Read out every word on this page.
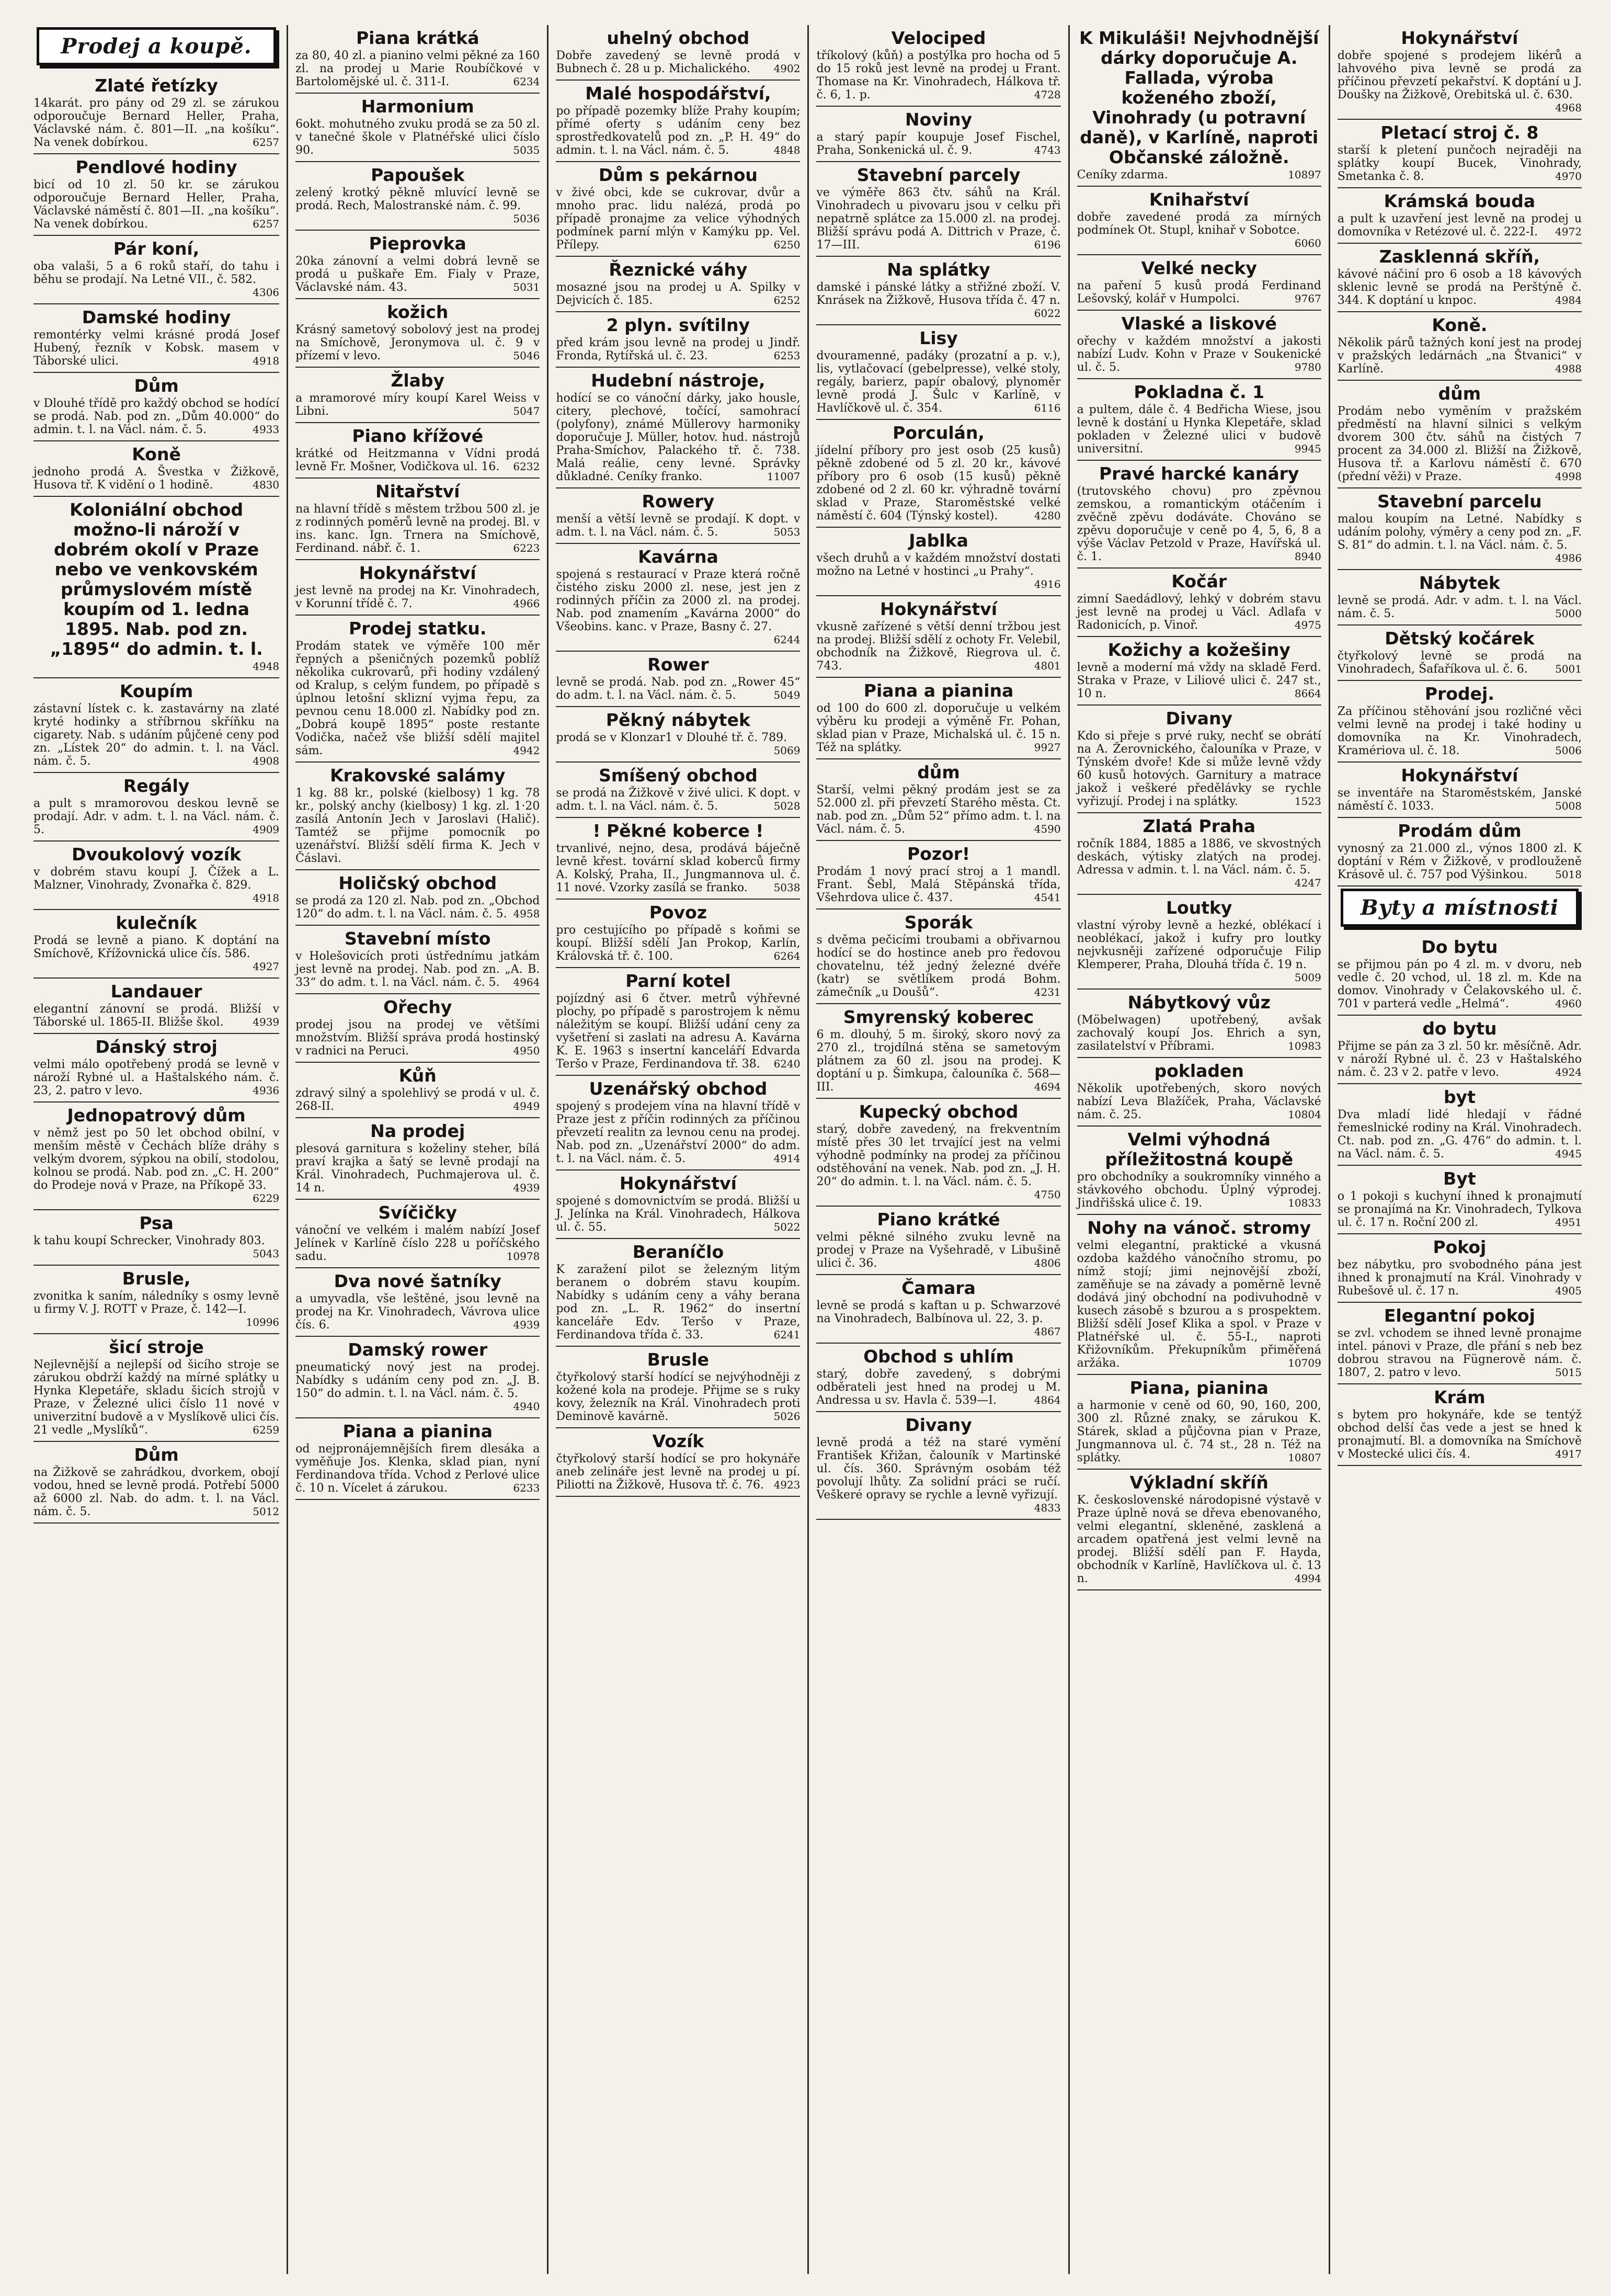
Prodej a koupě.
Zlaté řetízky
14karát. pro pány od 29 zl. se zárukou odporoučuje Bernard Heller, Praha, Václavské nám. č. 801—II. „na košíku“. Na venek dobírkou.	6257
Pendlové hodiny
bicí od 10 zl. 50 kr. se zárukou odporoučuje Bernard Heller, Praha, Václavské náměstí č. 801—II. „na košíku“. Na venek dobírkou.	6257
Pár koní,
oba valaši, 5 a 6 roků staří, do tahu i běhu se prodají. Na Letné VII., č. 582.
4306
Damské hodiny
remontérky velmi krásné prodá Josef Hubený, řezník v Kobsk. masem v Táborské ulici.	4918
Dům
v Dlouhé třídě pro každý obchod se hodící se prodá. Nab. pod zn. „Dům 40.000“ do admin. t. l. na Václ. nám. č. 5.	4933
Koně
jednoho prodá A. Švestka v Žižkově, Husova tř. K vidění o 1 hodině.	4830
Koloniální obchod možno-li nároží v dobrém okolí v Praze nebo ve venkovském průmyslovém místě koupím od 1. ledna 1895. Nab. pod zn. „1895“ do admin. t. l.
4948
Koupím
zástavní lístek c. k. zastavárny na zlaté kryté hodinky a stříbrnou skříňku na cigarety. Nab. s udáním půjčené ceny pod zn. „Lístek 20“ do admin. t. l. na Václ. nám. č. 5.	4908
Regály
a pult s mramorovou deskou levně se prodají. Adr. v adm. t. l. na Václ. nám. č. 5.	4909
Dvoukolový vozík
v dobrém stavu koupí J. Čížek a L. Malzner, Vinohrady, Zvonařka č. 829.
4918
kulečník
Prodá se levně a piano. K doptání na Smíchově, Křížovnická ulice čís. 586.
4927
Landauer
elegantní zánovní se prodá. Bližší v Táborské ul. 1865-II. Bližše škol.	4939
Dánský stroj
velmi málo opotřebený prodá se levně v nároží Rybné ul. a Haštalského nám. č. 23, 2. patro v levo.	4936
Jednopatrový dům
v němž jest po 50 let obchod obilní, v menším městě v Čechách blíže dráhy s velkým dvorem, sýpkou na obilí, stodolou, kolnou se prodá. Nab. pod zn. „C. H. 200“ do Prodeje nová v Praze, na Příkopě 33.
6229
Psa
k tahu koupí Schrecker, Vinohrady 803.
5043
Brusle,
zvonitka k saním, náledníky s osmy levně u firmy V. J. ROTT v Praze, č. 142—I.
10996
šicí stroje
Nejlevnější a nejlepší od šicího stroje se zárukou obdrží každý na mírné splátky u Hynka Klepetáře, skladu šicích strojů v Praze, v Železné ulici číslo 11 nové v univerzitní budově a v Myslíkově ulici čís. 21 vedle „Myslíků“.	6259
Dům
na Žižkově se zahrádkou, dvorkem, obojí vodou, hned se levně prodá. Potřebí 5000 až 6000 zl. Nab. do adm. t. l. na Václ. nám. č. 5.	5012
Piana krátká
za 80, 40 zl. a pianino velmi pěkné za 160 zl. na prodej u Marie Roubíčkové v Bartolomějské ul. č. 311-I.	6234
Harmonium
6okt. mohutného zvuku prodá se za 50 zl. v tanečné škole v Platnéřské ulici číslo 90.	5035
Papoušek
zelený krotký pěkně mluvící levně se prodá. Rech, Malostranské nám. č. 99.
5036
Pieprovka
20ka zánovní a velmi dobrá levně se prodá u puškaře Em. Fialy v Praze, Václavské nám. 43.	5031
kožich
Krásný sametový sobolový jest na prodej na Smíchově, Jeronymova ul. č. 9 v přízemí v levo.	5046
Žlaby
a mramorové míry koupí Karel Weiss v Libni.	5047
Piano křížové
krátké od Heitzmanna v Vídni prodá levně Fr. Mošner, Vodičkova ul. 16.	6232
Nitařství
na hlavní třídě s městem tržbou 500 zl. je z rodinných poměrů levně na prodej. Bl. v ins. kanc. Ign. Trnera na Smíchově, Ferdinand. nábř. č. 1.	6223
Hokynářství
jest levně na prodej na Kr. Vinohradech, v Korunní třídě č. 7.	4966
Prodej statku.
Prodám statek ve výměře 100 měr řepných a pšeničných pozemků poblíž několika cukrovarů, při hodiny vzdálený od Kralup, s celým fundem, po případě s úplnou letošní sklizní vyjma řepu, za pevnou cenu 18.000 zl. Nabídky pod zn. „Dobrá koupě 1895“ poste restante Vodička, načež vše bližší sdělí majitel sám.	4942
Krakovské salámy
1 kg. 88 kr., polské (kielbosy) 1 kg. 78 kr., polský anchy (kielbosy) 1 kg. zl. 1·20 zasílá Antonín Jech v Jaroslavi (Halič). Tamtéž se přijme pomocník po uzenářství. Bližší sdělí firma K. Jech v Čáslavi.
Holičský obchod
se prodá za 120 zl. Nab. pod zn. „Obchod 120“ do adm. t. l. na Václ. nám. č. 5. 4958
Stavební místo
v Holešovicích proti ústřednímu jatkám jest levně na prodej. Nab. pod zn. „A. B. 33“ do adm. t. l. na Václ. nám. č. 5.	4964
Ořechy
prodej jsou na prodej ve většími množstvím. Bližší správa prodá hostinský v radnici na Peruci.	4950
Kůň
zdravý silný a spolehlivý se prodá v ul. č. 268-II.	4949
Na prodej
plesová garnitura s koželiny steher, bílá praví krajka a šatý se levně prodají na Král. Vinohradech, Puchmajerova ul. č. 14 n.	4939
Svíčičky
vánoční ve velkém i malém nabízí Josef Jelínek v Karlíně číslo 228 u poříčského sadu.	10978
Dva nové šatníky
a umyvadla, vše leštěné, jsou levně na prodej na Kr. Vinohradech, Vávrova ulice čís. 6.	4939
Damský rower
pneumatický nový jest na prodej. Nabídky s udáním ceny pod zn. „J. B. 150“ do admin. t. l. na Václ. nám. č. 5.
4940
Piana a pianina
od nejpronájemnějších firem dlesáka a vyměňuje Jos. Klenka, sklad pian, nyní Ferdinandova třída. Vchod z Perlové ulice č. 10 n. Vícelet á zárukou.	6233
uhelný obchod
Dobře zavedený se levně prodá v Bubnech č. 28 u p. Michalického.	4902
Malé hospodářství,
po případě pozemky blíže Prahy koupím; přímé oferty s udáním ceny bez sprostředkovatelů pod zn. „P. H. 49“ do admin. t. l. na Václ. nám. č. 5.	4848
Dům s pekárnou
v živé obci, kde se cukrovar, dvůr a mnoho prac. lidu nalézá, prodá po případě pronajme za velice výhodných podmínek parní mlýn v Kamýku pp. Vel. Přílepy.	6250
Řeznické váhy
mosazné jsou na prodej u A. Spilky v Dejvicích č. 185.	6252
2 plyn. svítilny
před krám jsou levně na prodej u Jindř. Fronda, Rytířská ul. č. 23.	6253
Hudební nástroje,
hodící se co vánoční dárky, jako housle, citery, plechové, točící, samohrací (polyfony), známé Müllerovy harmoniky doporučuje J. Müller, hotov. hud. nástrojů Praha-Smíchov, Palackého tř. č. 738. Malá reálie, ceny levné. Správky důkladné. Ceníky franko.	11007
Rowery
menší a větší levně se prodají. K dopt. v adm. t. l. na Václ. nám. č. 5.	5053
Kavárna
spojená s restaurací v Praze která ročně čistého zisku 2000 zl. nese, jest jen z rodinných příčin za 2000 zl. na prodej. Nab. pod znamením „Kavárna 2000“ do Všeobins. kanc. v Praze, Basny č. 27.
6244
Rower
levně se prodá. Nab. pod zn. „Rower 45“ do adm. t. l. na Václ. nám. č. 5.	5049
Pěkný nábytek
prodá se v Klonzar1 v Dlouhé tř. č. 789.
5069
Smíšený obchod
se prodá na Žižkově v živé ulici. K dopt. v adm. t. l. na Václ. nám. č. 5.	5028
! Pěkné koberce !
trvanlivé, nejno, desa, prodává báječně levně křest. tovární sklad koberců firmy A. Kolský, Praha, II., Jungmannova ul. č. 11 nové. Vzorky zasílá se franko.	5038
Povoz
pro cestujícího po případě s koňmi se koupí. Bližší sdělí Jan Prokop, Karlín, Královská tř. č. 100.	6264
Parní kotel
pojízdný asi 6 čtver. metrů výhřevné plochy, po případě s parostrojem k němu náležitým se koupí. Bližší udání ceny za vyšetření si zaslati na adresu A. Kavárna K. E. 1963 s insertní kanceláří Edvarda Teršo v Praze, Ferdinandova tř. 38.	6240
Uzenářský obchod
spojený s prodejem vína na hlavní třídě v Praze jest z příčin rodinných za příčinou převzetí realitn za levnou cenu na prodej. Nab. pod zn. „Uzenářství 2000“ do adm. t. l. na Václ. nám. č. 5.	4914
Hokynářství
spojené s domovnictvím se prodá. Bližší u J. Jelínka na Král. Vinohradech, Hálkova ul. č. 55.	5022
Beraníčlo
K zaražení pilot se železným litým beranem o dobrém stavu koupím. Nabídky s udáním ceny a váhy berana pod zn. „L. R. 1962“ do insertní kanceláře Edv. Teršo v Praze, Ferdinandova třída č. 33.	6241
Brusle
čtyřkolový starší hodící se nejvýhodněji z kožené kola na prodeje. Přijme se s ruky kovy, železník na Král. Vinohradech proti Deminově kavárně.	5026
Vozík
čtyřkolový starší hodící se pro hokynáře aneb zelináře jest levně na prodej u pí. Piliotti na Žižkově, Husova tř. č. 76. 4923
Velociped
tříkolový (kůň) a postýlka pro hocha od 5 do 15 roků jest levně na prodej u Frant. Thomase na Kr. Vinohradech, Hálkova tř. č. 6, 1. p.	4728
Noviny
a starý papír koupuje Josef Fischel, Praha, Sonkenická ul. č. 9.	4743
Stavební parcely
ve výměře 863 čtv. sáhů na Král. Vinohradech u pivovaru jsou v celku při nepatrně splátce za 15.000 zl. na prodej. Bližší správu podá A. Dittrich v Praze, č. 17—III.	6196
Na splátky
damské i pánské látky a střižné zboží. V. Knrásek na Žižkově, Husova třída č. 47 n.
6022
Lisy
dvouramenné, padáky (prozatní a p. v.), lis, vytlačovací (gebelpresse), velké stoly, regály, barierz, papír obalový, plynoměr levně prodá J. Šulc v Karlíně, v Havlíčkově ul. č. 354.	6116
Porculán,
jídelní příbory pro jest osob (25 kusů) pěkně zdobené od 5 zl. 20 kr., kávové příbory pro 6 osob (15 kusů) pěkně zdobené od 2 zl. 60 kr. výhradně tovární sklad v Praze, Staroměstské velké náměstí č. 604 (Týnský kostel).	4280
Jablka
všech druhů a v každém množství dostati možno na Letné v hostinci „u Prahy“.
4916
Hokynářství
vkusně zařízené s větší denní tržbou jest na prodej. Bližší sdělí z ochoty Fr. Velebil, obchodník na Žižkově, Riegrova ul. č. 743.	4801
Piana a pianina
od 100 do 600 zl. doporučuje u velkém výběru ku prodeji a výměně Fr. Pohan, sklad pian v Praze, Michalská ul. č. 15 n. Též na splátky.	9927
dům
Starší, velmi pěkný prodám jest se za 52.000 zl. při převzetí Starého města. Ct. nab. pod zn. „Dům 52“ přímo adm. t. l. na Václ. nám. č. 5.	4590
Pozor!
Prodám 1 nový prací stroj a 1 mandl. Frant. Šebl, Malá Stěpánská třída, Všehrdova ulice č. 437.	4541
Sporák
s dvěma pečicími troubami a obřivarnou hodící se do hostince aneb pro ředovou chovatelnu, též jedný železné dvéře (katr) se světlíkem prodá Bohm. zámečník „u Doušů“.	4231
Smyrenský koberec
6 m. dlouhý, 5 m. široký, skoro nový za 270 zl., trojdílná stěna se sametovým plátnem za 60 zl. jsou na prodej. K doptání u p. Šimkupa, čalouníka č. 568—III.	4694
Kupecký obchod
starý, dobře zavedený, na frekventním místě přes 30 let trvající jest na velmi výhodně podmínky na prodej za příčinou odstěhování na venek. Nab. pod zn. „J. H. 20“ do admin. t. l. na Václ. nám. č. 5.
4750
Piano krátké
velmi pěkné silného zvuku levně na prodej v Praze na Vyšehradě, v Libušině ulici č. 36.	4806
Čamara
levně se prodá s kaftan u p. Schwarzové na Vinohradech, Balbínova ul. 22, 3. p.
4867
Obchod s uhlím
starý, dobře zavedený, s dobrými odběrateli jest hned na prodej u M. Andressa u sv. Havla č. 539—I.	4864
Divany
levně prodá a též na staré vymění František Křižan, čalouník v Martinské ul. čís. 360. Správným osobám též povolují lhůty. Za solidní práci se ručí. Veškeré opravy se rychle a levně vyřizují.
4833
K Mikuláši! Nejvhodnější dárky doporučuje A. Fallada, výroba koženého zboží, Vinohrady (u potravní daně), v Karlíně, naproti Občanské záložně.
Ceníky zdarma.	10897
Knihařství
dobře zavedené prodá za mírných podmínek Ot. Stupl, knihař v Sobotce.
6060
Velké necky
na paření 5 kusů prodá Ferdinand Lešovský, kolář v Humpolci.	9767
Vlaské a liskové
ořechy v každém množství a jakosti nabízí Ludv. Kohn v Praze v Soukenické ul. č. 5.	9780
Pokladna č. 1
a pultem, dále č. 4 Bedřicha Wiese, jsou levně k dostání u Hynka Klepetáře, sklad pokladen v Železné ulici v budově universitní.	9945
Pravé harcké kanáry
(trutovského chovu) pro zpěvnou zemskou, a romantickým otáčením i zvěčně zpěvu dodáváte. Chováno se zpěvu doporučuje v ceně po 4, 5, 6, 8 a výše Václav Petzold v Praze, Havířská ul. č. 1.	8940
Kočár
zimní Saedádlový, lehký v dobrém stavu jest levně na prodej u Václ. Adlafa v Radonicích, p. Vinoř.	4975
Kožichy a kožešiny
levně a moderní má vždy na skladě Ferd. Straka v Praze, v Liliové ulici č. 247 st., 10 n.	8664
Divany
Kdo si přeje s prvé ruky, nechť se obrátí na A. Žerovnického, čalouníka v Praze, v Týnském dvoře! Kde si může levně vždy 60 kusů hotových. Garnitury a matrace jakož i veškeré předělávky se rychle vyřizují. Prodej i na splátky.	1523
Zlatá Praha
ročník 1884, 1885 a 1886, ve skvostných deskách, výtisky zlatých na prodej. Adressa v admin. t. l. na Václ. nám. č. 5.
4247
Loutky
vlastní výroby levně a hezké, oblékací i neoblékací, jakož i kufry pro loutky nejvkusněji zařízené odporučuje Filip Klemperer, Praha, Dlouhá třída č. 19 n.
5009
Nábytkový vůz
(Möbelwagen) upotřebený, avšak zachovalý koupí Jos. Ehrich a syn, zasilatelství v Příbrami.	10983
pokladen
Několik upotřebených, skoro nových nabízí Leva Blažíček, Praha, Václavské nám. č. 25.	10804
Velmi výhodná příležitostná koupě
pro obchodníky a soukromníky vinného a stávkového obchodu. Úplný výprodej. Jindřišská ulice č. 19.	10833
Nohy na vánoč. stromy
velmi elegantní, praktické a vkusná ozdoba každého vánočního stromu, po nímž stojí; jimi nejnovější zboží, zaměňuje se na závady a poměrně levně dodává jiný obchodní na podivuhodně v kusech zásobě s bzurou a s prospektem. Bližší sdělí Josef Klika a spol. v Praze v Platnéřské ul. č. 55-I., naproti Křižovníkům. Překupníkům přiměřená aržáka.	10709
Piana, pianina
a harmonie v ceně od 60, 90, 160, 200, 300 zl. Různé znaky, se zárukou K. Stárek, sklad a půjčovna pian v Praze, Jungmannova ul. č. 74 st., 28 n. Též na splátky.	10807
Výkladní skříň
K. československé národopisné výstavě v Praze úplně nová se dřeva ebenovaného, velmi elegantní, skleněné, zasklená a arcadem opatřená jest velmi levně na prodej. Bližší sdělí pan F. Hayda, obchodník v Karlíně, Havlíčkova ul. č. 13 n.	4994
Hokynářství
dobře spojené s prodejem likérů a lahvového piva levně se prodá za příčinou převzetí pekařství. K doptání u J. Doušky na Žižkově, Orebitská ul. č. 630.
4968
Pletací stroj č. 8
starší k pletení punčoch nejraději na splátky koupí Bucek, Vinohrady, Smetanka č. 8.	4970
Krámská bouda
a pult k uzavření jest levně na prodej u domovníka v Retézové ul. č. 222-I.	4972
Zasklenná skříň,
kávové náčiní pro 6 osob a 18 kávových sklenic levně se prodá na Perštýně č. 344. K doptání u knpoc.	4984
Koně.
Několik párů tažných koní jest na prodej v pražských ledárnách „na Štvanici“ v Karlíně.	4988
dům
Prodám nebo vyměním v pražském předměstí na hlavní silnici s velkým dvorem 300 čtv. sáhů na čistých 7 procent za 34.000 zl. Bližší na Žižkově, Husova tř. a Karlovu náměstí č. 670 (přední věži) v Praze.	4998
Stavební parcelu
malou koupím na Letné. Nabídky s udáním polohy, výměry a ceny pod zn. „F. S. 81“ do admin. t. l. na Václ. nám. č. 5.
4986
Nábytek
levně se prodá. Adr. v adm. t. l. na Václ. nám. č. 5.	5000
Dětský kočárek
čtyřkolový levně se prodá na Vinohradech, Šafaříkova ul. č. 6.	5001
Prodej.
Za příčinou stěhování jsou rozličné věci velmi levně na prodej i také hodiny u domovníka na Kr. Vinohradech, Kramériova ul. č. 18.	5006
Hokynářství
se inventáře na Staroměstském, Janské náměstí č. 1033.	5008
Prodám dům
vynosný za 21.000 zl., výnos 1800 zl. K doptání v Rém v Žižkově, v prodlouženě Krásově ul. č. 757 pod Výšinkou.	5018
Byty a místnosti
Do bytu
se přijmou pán po 4 zl. m. v dvoru, neb vedle č. 20 vchod, ul. 18 zl. m. Kde na domov. Vinohrady v Čelakovského ul. č. 701 v parterá vedle „Helmá“.	4960
do bytu
Přijme se pán za 3 zl. 50 kr. měsíčně. Adr. v nároží Rybné ul. č. 23 v Haštalského nám. č. 23 v 2. patře v levo.	4924
byt
Dva mladí lidé hledají v řádné řemeslnické rodiny na Král. Vinohradech. Ct. nab. pod zn. „G. 476“ do admin. t. l. na Václ. nám. č. 5.	4945
Byt
o 1 pokoji s kuchyní ihned k pronajmutí se pronajímá na Kr. Vinohradech, Tylkova ul. č. 17 n. Roční 200 zl.	4951
Pokoj
bez nábytku, pro svobodného pána jest ihned k pronajmutí na Král. Vinohrady v Rubešově ul. č. 17 n.	4905
Elegantní pokoj
se zvl. vchodem se ihned levně pronajme intel. pánovi v Praze, dle přání s neb bez dobrou stravou na Fügnerově nám. č. 1807, 2. patro v levo.	5015
Krám
s bytem pro hokynáře, kde se tentýž obchod delší čas vede a jest se hned k pronajmutí. Bl. a domovníka na Smíchově v Mostecké ulici čís. 4.	4917
